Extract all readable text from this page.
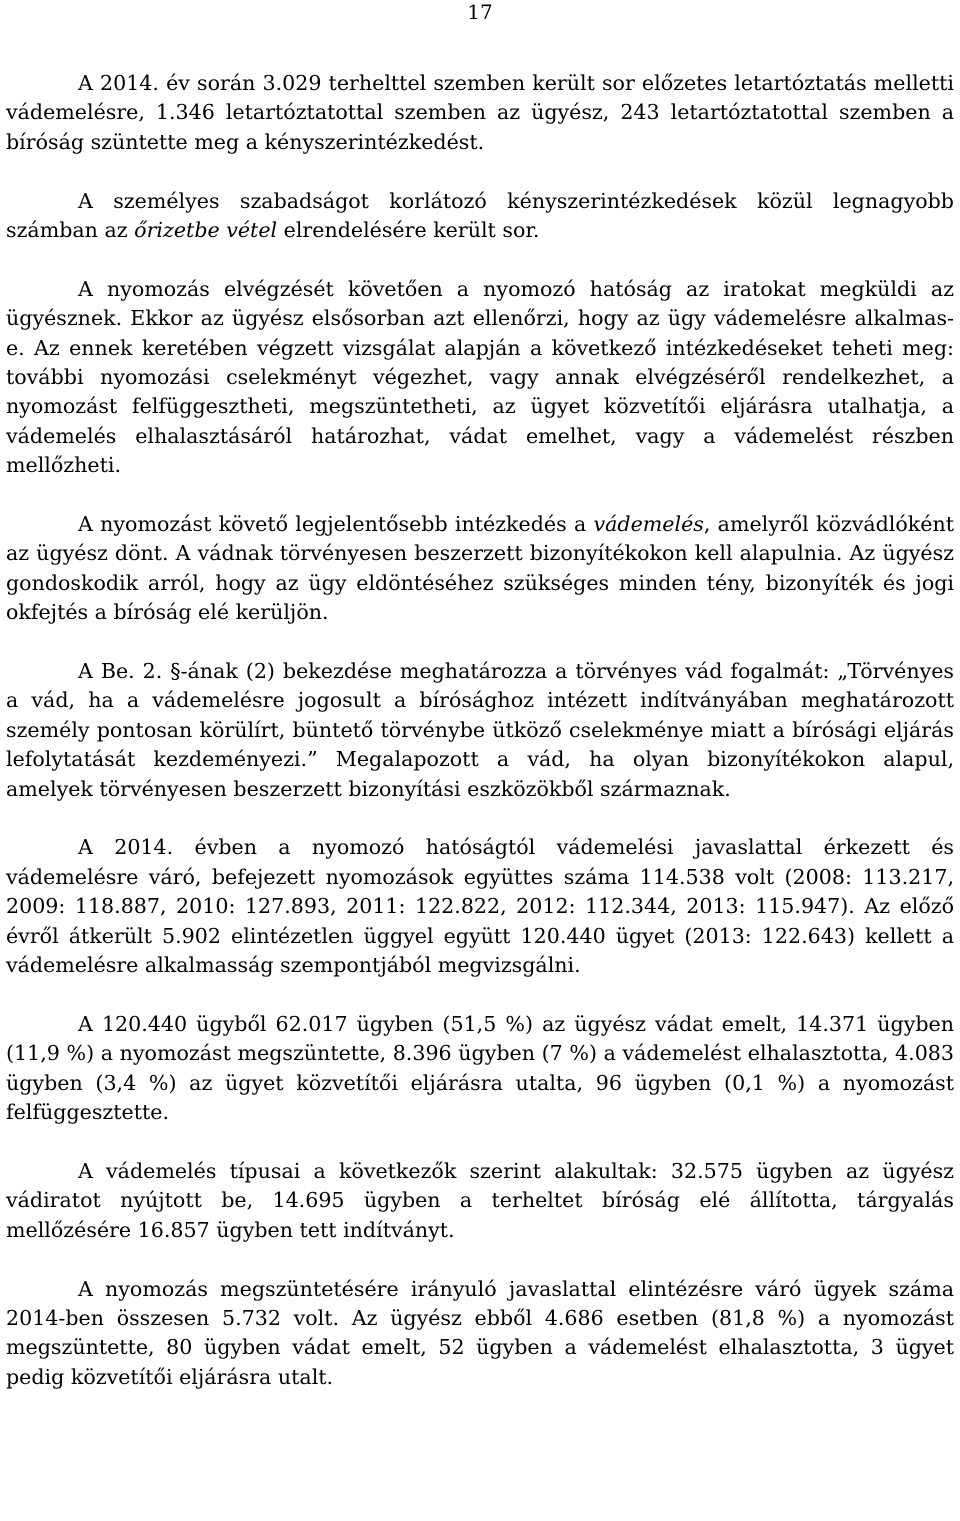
17

A 2014. év során 3.029 terhelttel szemben került sor előzetes letartóztatás melletti vádemelésre, 1.346 letartóztatottal szemben az ügyész, 243 letartóztatottal szemben a bíróság szüntette meg a kényszerintézkedést.

A személyes szabadságot korlátozó kényszerintézkedések közül legnagyobb számban az őrizetbe vétel elrendelésére került sor.

A nyomozás elvégzését követően a nyomozó hatóság az iratokat megküldi az ügyésznek. Ekkor az ügyész elsősorban azt ellenőrzi, hogy az ügy vádemelésre alkalmas-e. Az ennek keretében végzett vizsgálat alapján a következő intézkedéseket teheti meg: további nyomozási cselekményt végezhet, vagy annak elvégzéséről rendelkezhet, a nyomozást felfüggesztheti, megszüntetheti, az ügyet közvetítői eljárásra utalhatja, a vádemelés elhalasztásáról határozhat, vádat emelhet, vagy a vádemelést részben mellőzheti.

A nyomozást követő legjelentősebb intézkedés a vádemelés, amelyről közvádlóként az ügyész dönt. A vádnak törvényesen beszerzett bizonyítékokon kell alapulnia. Az ügyész gondoskodik arról, hogy az ügy eldöntéséhez szükséges minden tény, bizonyíték és jogi okfejtés a bíróság elé kerüljön.

A Be. 2. §-ának (2) bekezdése meghatározza a törvényes vád fogalmát: „Törvényes a vád, ha a vádemelésre jogosult a bírósághoz intézett indítványában meghatározott személy pontosan körülírt, büntető törvénybe ütköző cselekménye miatt a bírósági eljárás lefolytatását kezdeményezi.” Megalapozott a vád, ha olyan bizonyítékokon alapul, amelyek törvényesen beszerzett bizonyítási eszközökből származnak.

A 2014. évben a nyomozó hatóságtól vádemelési javaslattal érkezett és vádemelésre váró, befejezett nyomozások együttes száma 114.538 volt (2008: 113.217, 2009: 118.887, 2010: 127.893, 2011: 122.822, 2012: 112.344, 2013: 115.947). Az előző évről átkerült 5.902 elintézetlen üggyel együtt 120.440 ügyet (2013: 122.643) kellett a vádemelésre alkalmasság szempontjából megvizsgálni.

A 120.440 ügyből 62.017 ügyben (51,5 %) az ügyész vádat emelt, 14.371 ügyben (11,9 %) a nyomozást megszüntette, 8.396 ügyben (7 %) a vádemelést elhalasztotta, 4.083 ügyben (3,4 %) az ügyet közvetítői eljárásra utalta, 96 ügyben (0,1 %) a nyomozást felfüggesztette.

A vádemelés típusai a következők szerint alakultak: 32.575 ügyben az ügyész vádiratot nyújtott be, 14.695 ügyben a terheltet bíróság elé állította, tárgyalás mellőzésére 16.857 ügyben tett indítványt.

A nyomozás megszüntetésére irányuló javaslattal elintézésre váró ügyek száma 2014-ben összesen 5.732 volt. Az ügyész ebből 4.686 esetben (81,8 %) a nyomozást megszüntette, 80 ügyben vádat emelt, 52 ügyben a vádemelést elhalasztotta, 3 ügyet pedig közvetítői eljárásra utalt.
